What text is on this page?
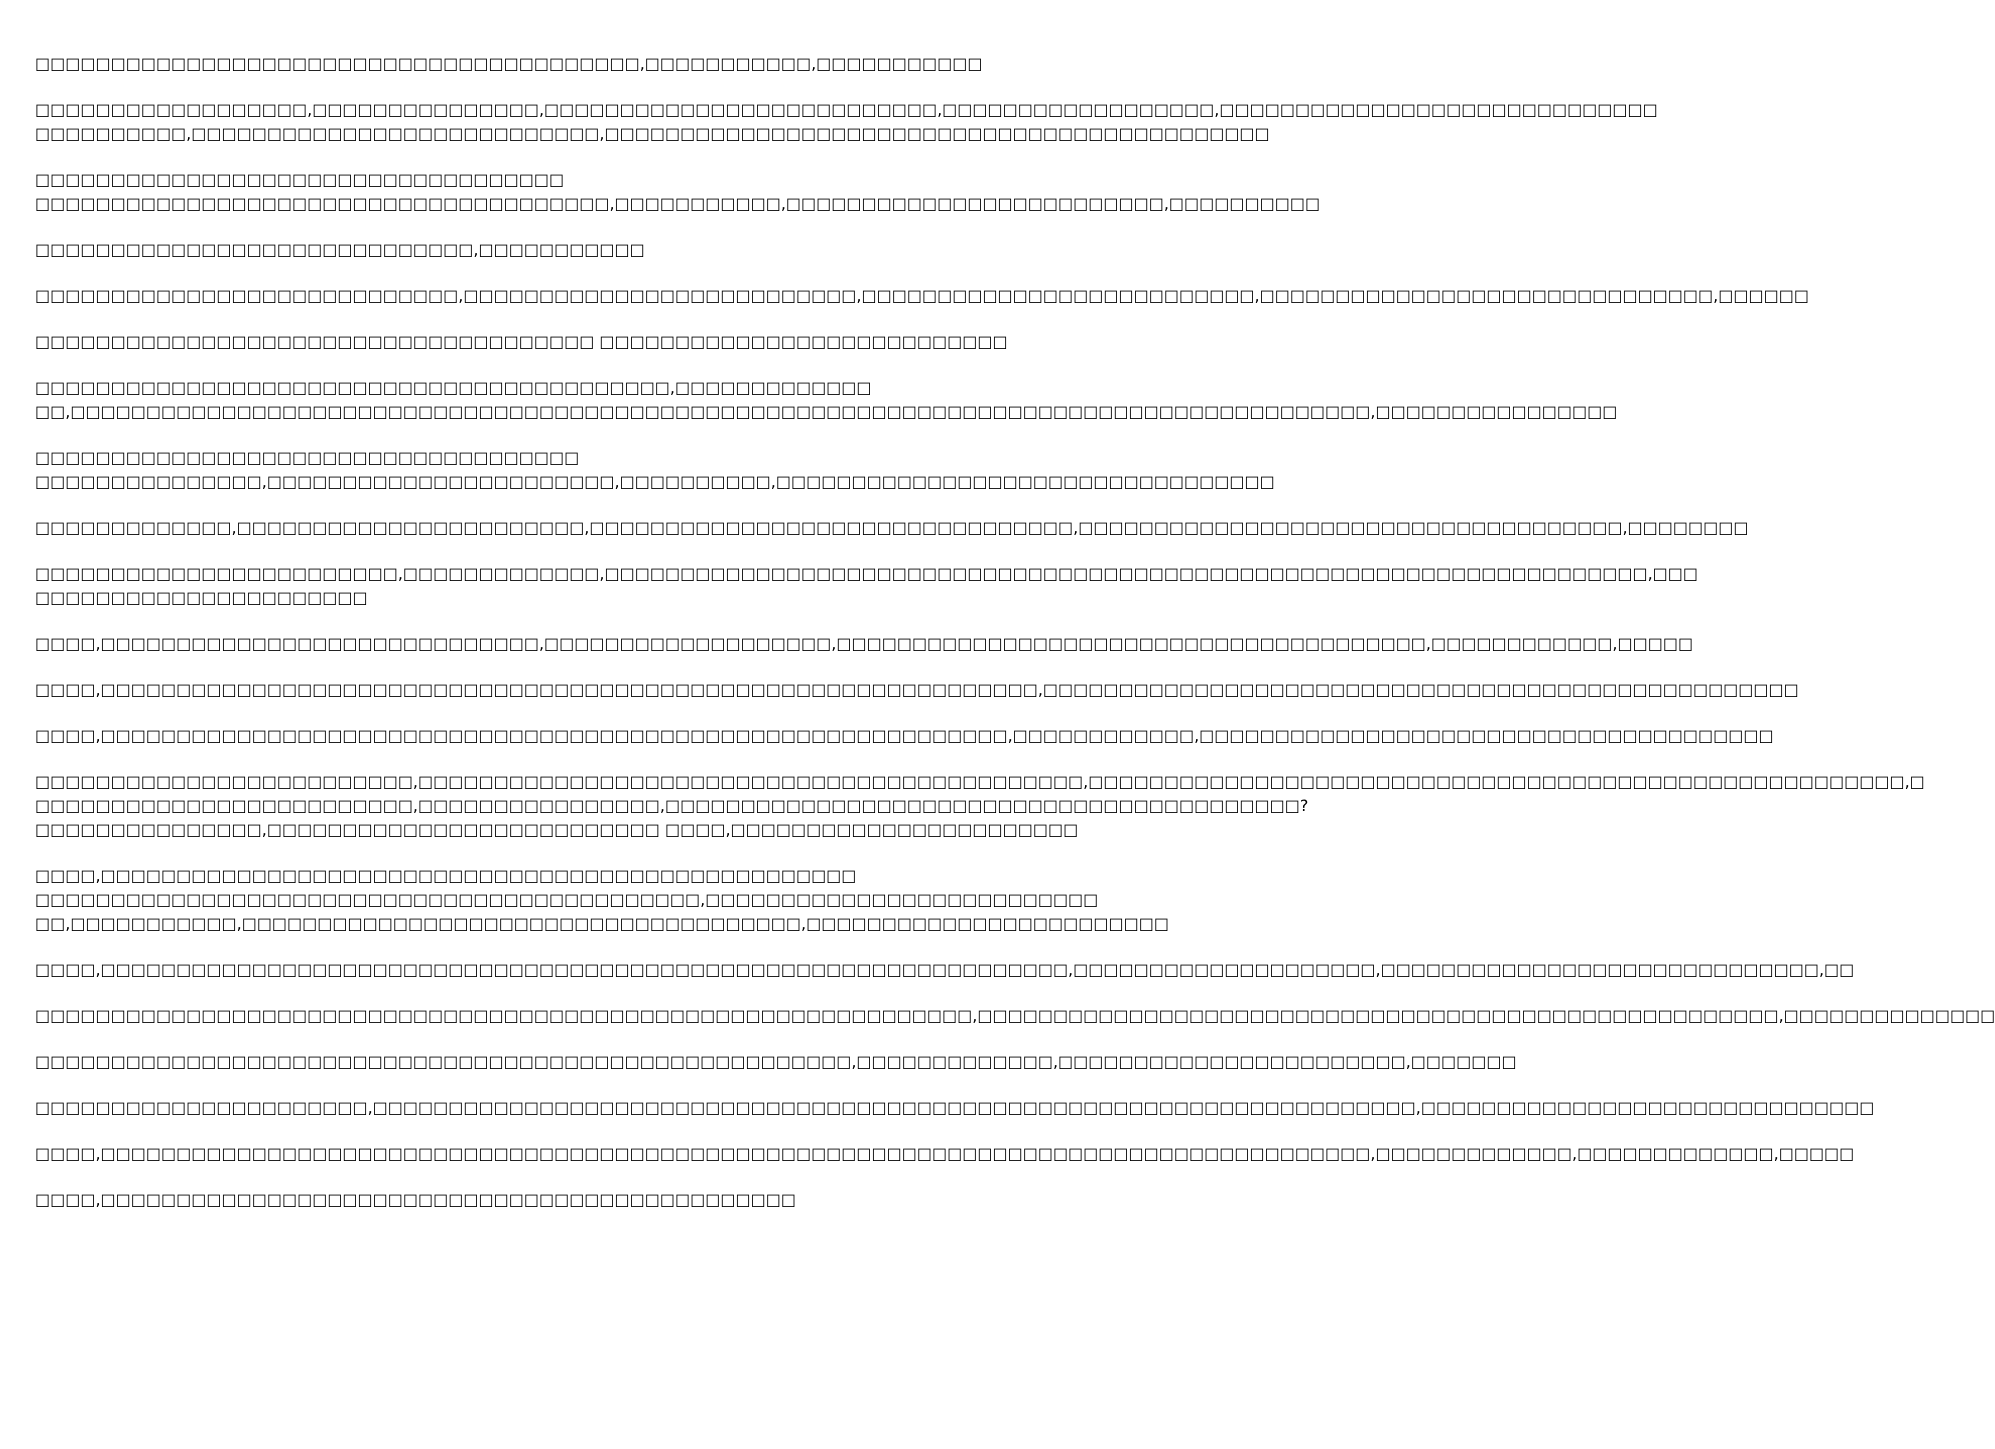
□□□□□□□□□□□□□□□□□□□□□□□□□□□□□□□□□□□□□□□□,□□□□□□□□□□□,□□□□□□□□□□□
□□□□□□□□□□□□□□□□□□,□□□□□□□□□□□□□□□,□□□□□□□□□□□□□□□□□□□□□□□□□□,□□□□□□□□□□□□□□□□□□,□□□□□□□□□□□□□□□□□□□□□□□□□□□□□
□□□□□□□□□□,□□□□□□□□□□□□□□□□□□□□□□□□□□□,□□□□□□□□□□□□□□□□□□□□□□□□□□□□□□□□□□□□□□□□□□□□
□□□□□□□□□□□□□□□□□□□□□□□□□□□□□□□□□□□
□□□□□□□□□□□□□□□□□□□□□□□□□□□□□□□□□□□□□□,□□□□□□□□□□□,□□□□□□□□□□□□□□□□□□□□□□□□□,□□□□□□□□□□
□□□□□□□□□□□□□□□□□□□□□□□□□□□□□,□□□□□□□□□□□
□□□□□□□□□□□□□□□□□□□□□□□□□□□□,□□□□□□□□□□□□□□□□□□□□□□□□□□,□□□□□□□□□□□□□□□□□□□□□□□□□□,□□□□□□□□□□□□□□□□□□□□□□□□□□□□□□,□□□□□□
□□□□□□□□□□□□□□□□□□□□□□□□□□□□□□□□□□□□□ □□□□□□□□□□□□□□□□□□□□□□□□□□□
□□□□□□□□□□□□□□□□□□□□□□□□□□□□□□□□□□□□□□□□□□,□□□□□□□□□□□□□
□□,□□□□□□□□□□□□□□□□□□□□□□□□□□□□□□□□□□□□□□□□□□□□□□□□□□□□□□□□□□□□□□□□□□□□□□□□□□□□□□□□□□□□□□,□□□□□□□□□□□□□□□□
□□□□□□□□□□□□□□□□□□□□□□□□□□□□□□□□□□□□
□□□□□□□□□□□□□□□,□□□□□□□□□□□□□□□□□□□□□□□,□□□□□□□□□□,□□□□□□□□□□□□□□□□□□□□□□□□□□□□□□□□□
□□□□□□□□□□□□□,□□□□□□□□□□□□□□□□□□□□□□□,□□□□□□□□□□□□□□□□□□□□□□□□□□□□□□□□,□□□□□□□□□□□□□□□□□□□□□□□□□□□□□□□□□□□□,□□□□□□□□
□□□□□□□□□□□□□□□□□□□□□□□□,□□□□□□□□□□□□□,□□□□□□□□□□□□□□□□□□□□□□□□□□□□□□□□□□□□□□□□□□□□□□□□□□□□□□□□□□□□□□□□□□□□□,□□□
□□□□□□□□□□□□□□□□□□□□□□
□□□□,□□□□□□□□□□□□□□□□□□□□□□□□□□□□□,□□□□□□□□□□□□□□□□□□□,□□□□□□□□□□□□□□□□□□□□□□□□□□□□□□□□□□□□□□□,□□□□□□□□□□□□,□□□□□
□□□□,□□□□□□□□□□□□□□□□□□□□□□□□□□□□□□□□□□□□□□□□□□□□□□□□□□□□□□□□□□□□□□,□□□□□□□□□□□□□□□□□□□□□□□□□□□□□□□□□□□□□□□□□□□□□□□□□□
□□□□,□□□□□□□□□□□□□□□□□□□□□□□□□□□□□□□□□□□□□□□□□□□□□□□□□□□□□□□□□□□□,□□□□□□□□□□□□,□□□□□□□□□□□□□□□□□□□□□□□□□□□□□□□□□□□□□□
□□□□□□□□□□□□□□□□□□□□□□□□□,□□□□□□□□□□□□□□□□□□□□□□□□□□□□□□□□□□□□□□□□□□□□,□□□□□□□□□□□□□□□□□□□□□□□□□□□□□□□□□□□□□□□□□□□□□□□□□□□□□□,□
□□□□□□□□□□□□□□□□□□□□□□□□□,□□□□□□□□□□□□□□□□,□□□□□□□□□□□□□□□□□□□□□□□□□□□□□□□□□□□□□□□□□□?
□□□□□□□□□□□□□□□,□□□□□□□□□□□□□□□□□□□□□□□□□□ □□□□,□□□□□□□□□□□□□□□□□□□□□□□
□□□□,□□□□□□□□□□□□□□□□□□□□□□□□□□□□□□□□□□□□□□□□□□□□□□□□□□
□□□□□□□□□□□□□□□□□□□□□□□□□□□□□□□□□□□□□□□□□□□□,□□□□□□□□□□□□□□□□□□□□□□□□□□
□□,□□□□□□□□□□□,□□□□□□□□□□□□□□□□□□□□□□□□□□□□□□□□□□□□□,□□□□□□□□□□□□□□□□□□□□□□□□
□□□□,□□□□□□□□□□□□□□□□□□□□□□□□□□□□□□□□□□□□□□□□□□□□□□□□□□□□□□□□□□□□□□□□,□□□□□□□□□□□□□□□□□□□□,□□□□□□□□□□□□□□□□□□□□□□□□□□□□□,□□
□□□□□□□□□□□□□□□□□□□□□□□□□□□□□□□□□□□□□□□□□□□□□□□□□□□□□□□□□□□□□□,□□□□□□□□□□□□□□□□□□□□□□□□□□□□□□□□□□□□□□□□□□□□□□□□□□□□□,□□□□□□□□□□□□□□
□□□□□□□□□□□□□□□□□□□□□□□□□□□□□□□□□□□□□□□□□□□□□□□□□□□□□□,□□□□□□□□□□□□□,□□□□□□□□□□□□□□□□□□□□□□□,□□□□□□□
□□□□□□□□□□□□□□□□□□□□□□,□□□□□□□□□□□□□□□□□□□□□□□□□□□□□□□□□□□□□□□□□□□□□□□□□□□□□□□□□□□□□□□□□□□□□,□□□□□□□□□□□□□□□□□□□□□□□□□□□□□□
□□□□,□□□□□□□□□□□□□□□□□□□□□□□□□□□□□□□□□□□□□□□□□□□□□□□□□□□□□□□□□□□□□□□□□□□□□□□□□□□□□□□□□□□□,□□□□□□□□□□□□□,□□□□□□□□□□□□□,□□□□□
□□□□,□□□□□□□□□□□□□□□□□□□□□□□□□□□□□□□□□□□□□□□□□□□□□□
